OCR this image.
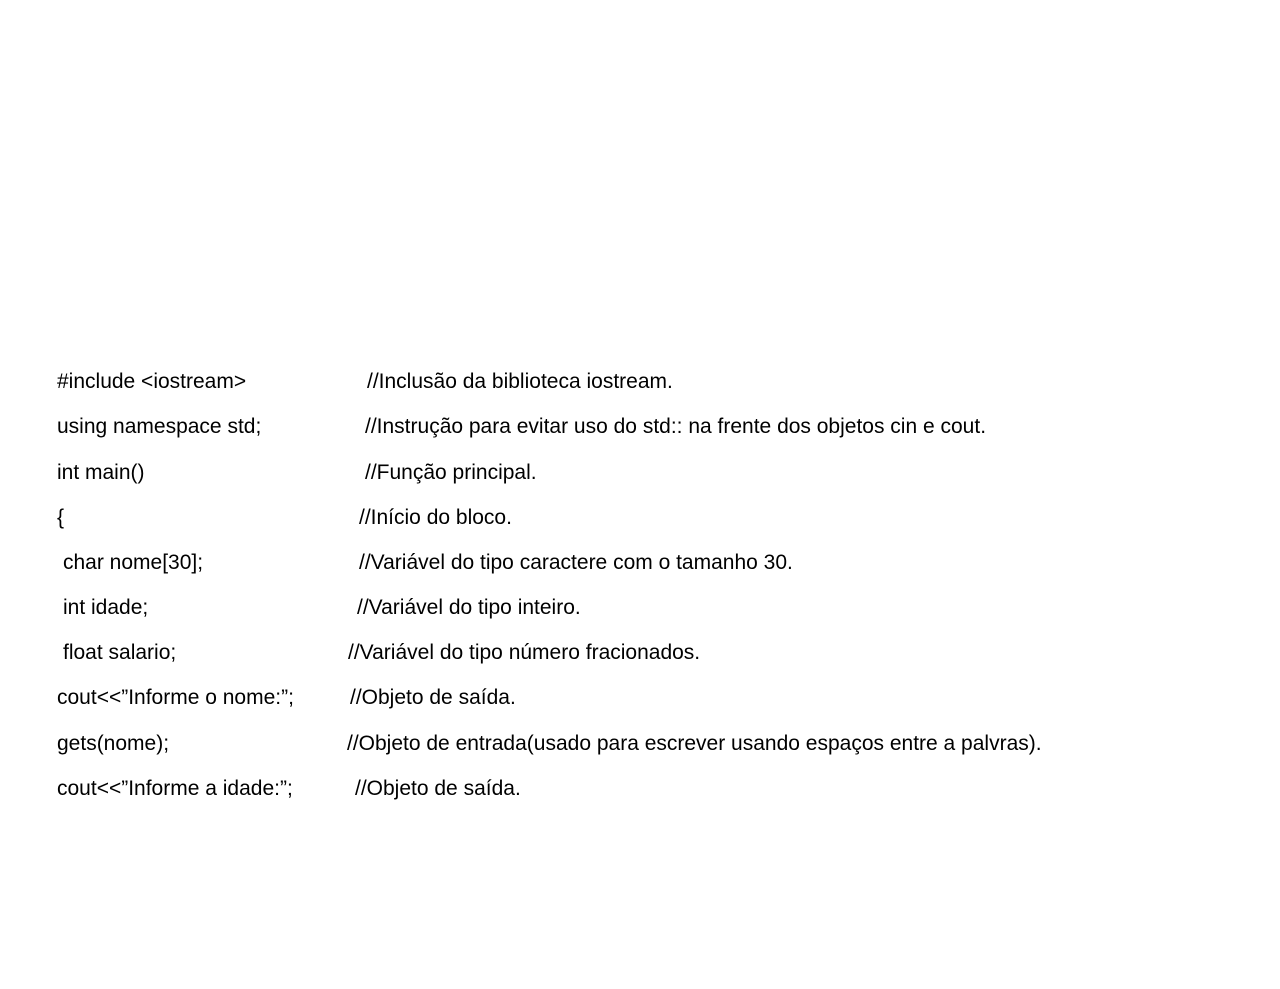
#include <iostream>	//Inclusão da biblioteca iostream.
using namespace std;	//Instrução para evitar uso do std:: na frente dos objetos cin e cout.
int main()	//Função principal.
{	//Início do bloco.
char nome[30];	//Variável do tipo caractere com o tamanho 30.
int idade;	//Variável do tipo inteiro.
float salario;	//Variável do tipo número fracionados.
cout<<”Informe o nome:”;	//Objeto de saída.
gets(nome);	//Objeto de entrada(usado para escrever usando espaços entre a palvras).
cout<<”Informe a idade:”;	//Objeto de saída.
